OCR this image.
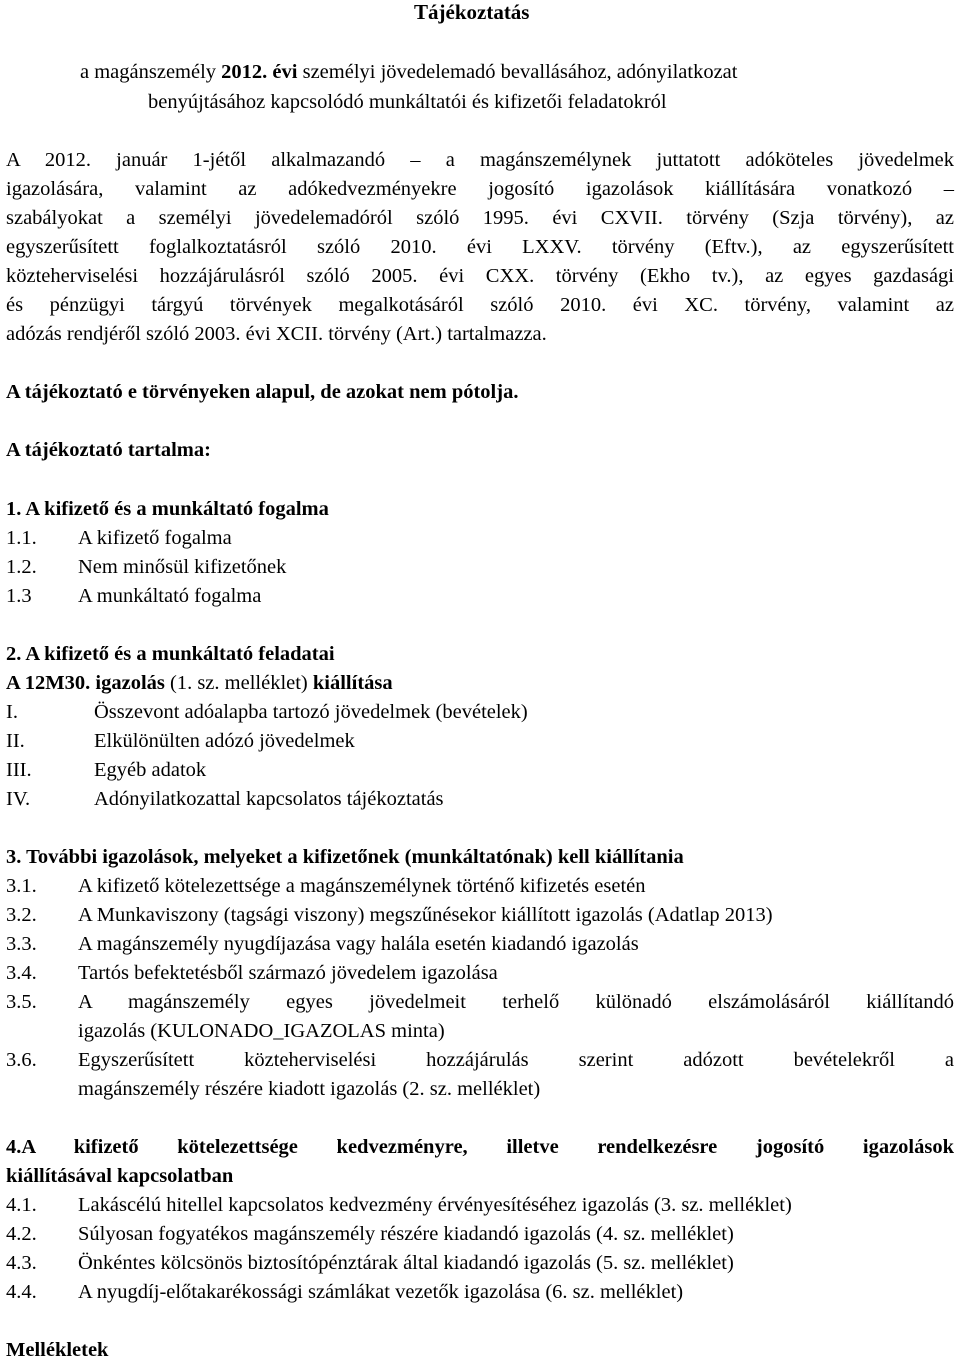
Tájékoztatás
a magánszemély 2012. évi személyi jövedelemadó bevallásához, adónyilatkozat
benyújtásához kapcsolódó munkáltatói és kifizetői feladatokról
A 2012. január 1-jétől alkalmazandó – a magánszemélynek juttatott adóköteles jövedelmek
igazolására, valamint az adókedvezményekre jogosító igazolások kiállítására vonatkozó –
szabályokat a személyi jövedelemadóról szóló 1995. évi CXVII. törvény (Szja törvény), az
egyszerűsített foglalkoztatásról szóló 2010. évi LXXV. törvény (Eftv.), az egyszerűsített
közteherviselési hozzájárulásról szóló 2005. évi CXX. törvény (Ekho tv.), az egyes gazdasági
és pénzügyi tárgyú törvények megalkotásáról szóló 2010. évi XC. törvény, valamint az
adózás rendjéről szóló 2003. évi XCII. törvény (Art.) tartalmazza.
A tájékoztató e törvényeken alapul, de azokat nem pótolja.
A tájékoztató tartalma:
1. A kifizető és a munkáltató fogalma
1.1. A kifizető fogalma
1.2. Nem minősül kifizetőnek
1.3 A munkáltató fogalma
2. A kifizető és a munkáltató feladatai
A 12M30. igazolás (1. sz. melléklet) kiállítása
I.	Összevont adóalapba tartozó jövedelmek (bevételek)
II.	Elkülönülten adózó jövedelmek
III.	Egyéb adatok
IV.	Adónyilatkozattal kapcsolatos tájékoztatás
3. További igazolások, melyeket a kifizetőnek (munkáltatónak) kell kiállítania
3.1. A kifizető kötelezettsége a magánszemélynek történő kifizetés esetén
3.2. A Munkaviszony (tagsági viszony) megszűnésekor kiállított igazolás (Adatlap 2013)
3.3. A magánszemély nyugdíjazása vagy halála esetén kiadandó igazolás
3.4. Tartós befektetésből származó jövedelem igazolása
3.5. A magánszemély egyes jövedelmeit terhelő különadó elszámolásáról kiállítandó
igazolás (KULONADO_IGAZOLAS minta)
3.6. Egyszerűsített közteherviselési hozzájárulás szerint adózott bevételekről a
magánszemély részére kiadott igazolás (2. sz. melléklet)
4.A kifizető kötelezettsége kedvezményre, illetve rendelkezésre jogosító igazolások
kiállításával kapcsolatban
4.1. Lakáscélú hitellel kapcsolatos kedvezmény érvényesítéséhez igazolás (3. sz. melléklet)
4.2. Súlyosan fogyatékos magánszemély részére kiadandó igazolás (4. sz. melléklet)
4.3. Önkéntes kölcsönös biztosítópénztárak által kiadandó igazolás (5. sz. melléklet)
4.4. A nyugdíj-előtakarékossági számlákat vezetők igazolása (6. sz. melléklet)
Mellékletek
